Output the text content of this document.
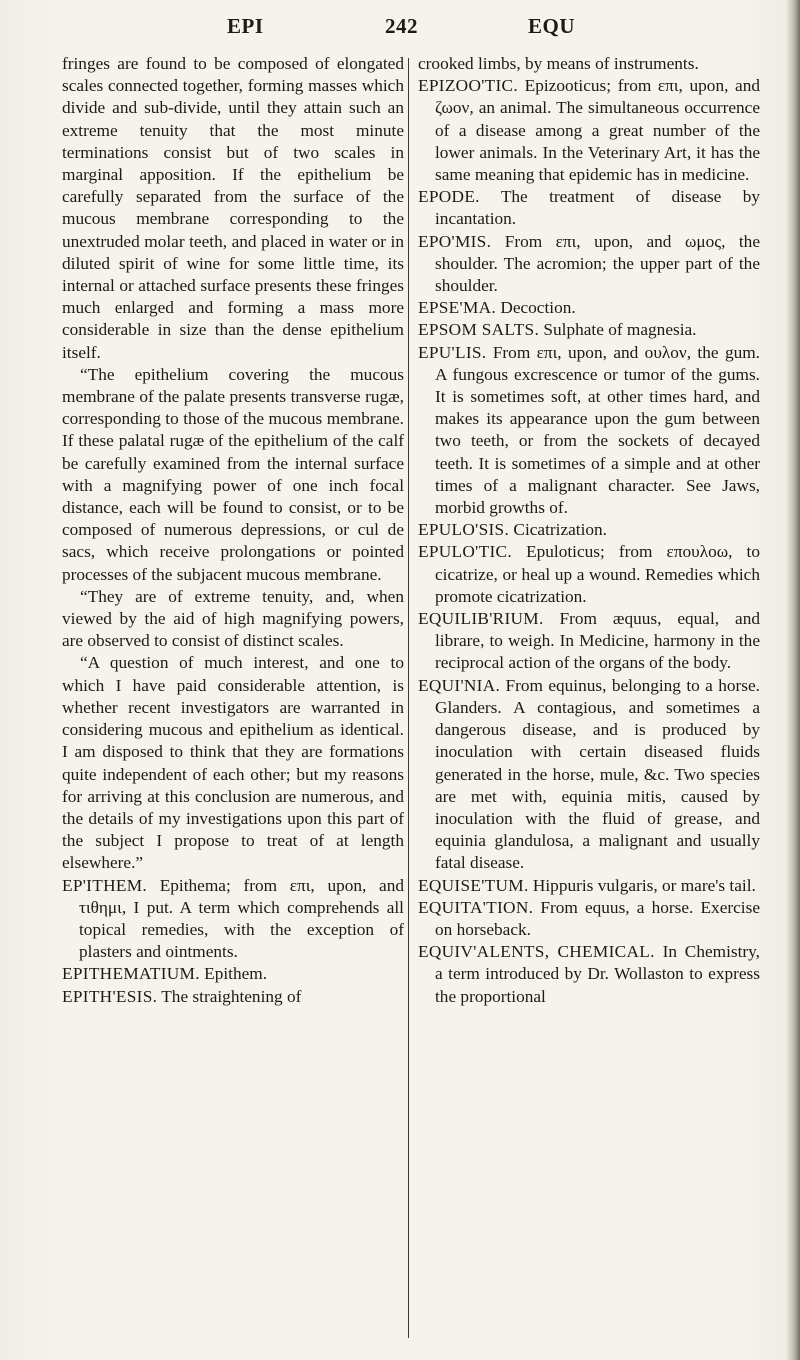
EPI	242	EQU

fringes are found to be composed of elongated scales connected together, forming masses which divide and sub-divide, until they attain such an extreme tenuity that the most minute terminations consist but of two scales in marginal apposition. If the epithelium be carefully separated from the surface of the mucous membrane corresponding to the unextruded molar teeth, and placed in water or in diluted spirit of wine for some little time, its internal or attached surface presents these fringes much enlarged and forming a mass more considerable in size than the dense epithelium itself.

“The epithelium covering the mucous membrane of the palate presents transverse rugæ, corresponding to those of the mucous membrane. If these palatal rugæ of the epithelium of the calf be carefully examined from the internal surface with a magnifying power of one inch focal distance, each will be found to consist, or to be composed of numerous depressions, or cul de sacs, which receive prolongations or pointed processes of the subjacent mucous membrane.

“They are of extreme tenuity, and, when viewed by the aid of high magnifying powers, are observed to consist of distinct scales.

“A question of much interest, and one to which I have paid considerable attention, is whether recent investigators are warranted in considering mucous and epithelium as identical. I am disposed to think that they are formations quite independent of each other; but my reasons for arriving at this conclusion are numerous, and the details of my investigations upon this part of the subject I propose to treat of at length elsewhere.”

EP'ITHEM. Epithema; from επι, upon, and τιθημι, I put. A term which comprehends all topical remedies, with the exception of plasters and ointments.

EPITHEMATIUM. Epithem.

EPITH'ESIS. The straightening of

crooked limbs, by means of instruments.

EPIZOO'TIC. Epizooticus; from επι, upon, and ζωον, an animal. The simultaneous occurrence of a disease among a great number of the lower animals. In the Veterinary Art, it has the same meaning that epidemic has in medicine.

EPODE. The treatment of disease by incantation.

EPO'MIS. From επι, upon, and ωμος, the shoulder. The acromion; the upper part of the shoulder.

EPSE'MA. Decoction.

EPSOM SALTS. Sulphate of magnesia.

EPU'LIS. From επι, upon, and ουλον, the gum. A fungous excrescence or tumor of the gums. It is sometimes soft, at other times hard, and makes its appearance upon the gum between two teeth, or from the sockets of decayed teeth. It is sometimes of a simple and at other times of a malignant character. See Jaws, morbid growths of.

EPULO'SIS. Cicatrization.

EPULO'TIC. Epuloticus; from επουλοω, to cicatrize, or heal up a wound. Remedies which promote cicatrization.

EQUILIB'RIUM. From æquus, equal, and librare, to weigh. In Medicine, harmony in the reciprocal action of the organs of the body.

EQUI'NIA. From equinus, belonging to a horse. Glanders. A contagious, and sometimes a dangerous disease, and is produced by inoculation with certain diseased fluids generated in the horse, mule, &c. Two species are met with, equinia mitis, caused by inoculation with the fluid of grease, and equinia glandulosa, a malignant and usually fatal disease.

EQUISE'TUM. Hippuris vulgaris, or mare's tail.

EQUITA'TION. From equus, a horse. Exercise on horseback.

EQUIV'ALENTS, CHEMICAL. In Chemistry, a term introduced by Dr. Wollaston to express the proportional
